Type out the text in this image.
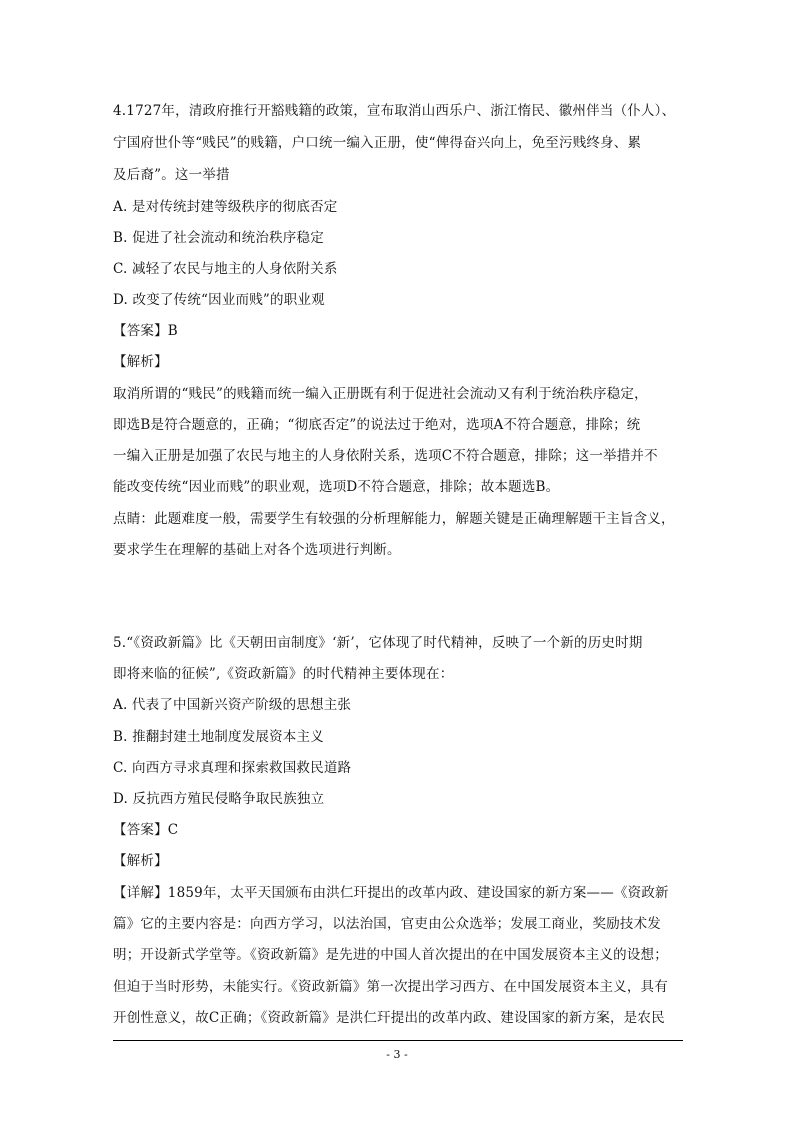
4.1727年，清政府推行开豁贱籍的政策，宣布取消山西乐户、浙江惰民、徽州伴当（仆人）、
宁国府世仆等“贱民”的贱籍，户口统一编入正册，使“俾得奋兴向上，免至污贱终身、累
及后裔”。这一举措
A. 是对传统封建等级秩序的彻底否定
B. 促进了社会流动和统治秩序稳定
C. 减轻了农民与地主的人身依附关系
D. 改变了传统“因业而贱”的职业观
【答案】B
【解析】
取消所谓的“贱民”的贱籍而统一编入正册既有利于促进社会流动又有利于统治秩序稳定，
即选B是符合题意的，正确；“彻底否定”的说法过于绝对，选项A不符合题意，排除；统
一编入正册是加强了农民与地主的人身依附关系，选项C不符合题意，排除；这一举措并不
能改变传统“因业而贱”的职业观，选项D不符合题意，排除；故本题选B。
点睛：此题难度一般，需要学生有较强的分析理解能力，解题关键是正确理解题干主旨含义，
要求学生在理解的基础上对各个选项进行判断。
5.“《资政新篇》比《天朝田亩制度》‘新’，它体现了时代精神，反映了一个新的历史时期
即将来临的征候”,《资政新篇》的时代精神主要体现在：
A. 代表了中国新兴资产阶级的思想主张
B. 推翻封建土地制度发展资本主义
C. 向西方寻求真理和探索救国救民道路
D. 反抗西方殖民侵略争取民族独立
【答案】C
【解析】
【详解】1859年，太平天国颁布由洪仁玕提出的改革内政、建设国家的新方案——《资政新
篇》它的主要内容是：向西方学习，以法治国，官吏由公众选举；发展工商业，奖励技术发
明；开设新式学堂等。《资政新篇》是先进的中国人首次提出的在中国发展资本主义的设想；
但迫于当时形势，未能实行。《资政新篇》第一次提出学习西方、在中国发展资本主义，具有
开创性意义，故C正确；《资政新篇》是洪仁玕提出的改革内政、建设国家的新方案，是农民
- 3 -
